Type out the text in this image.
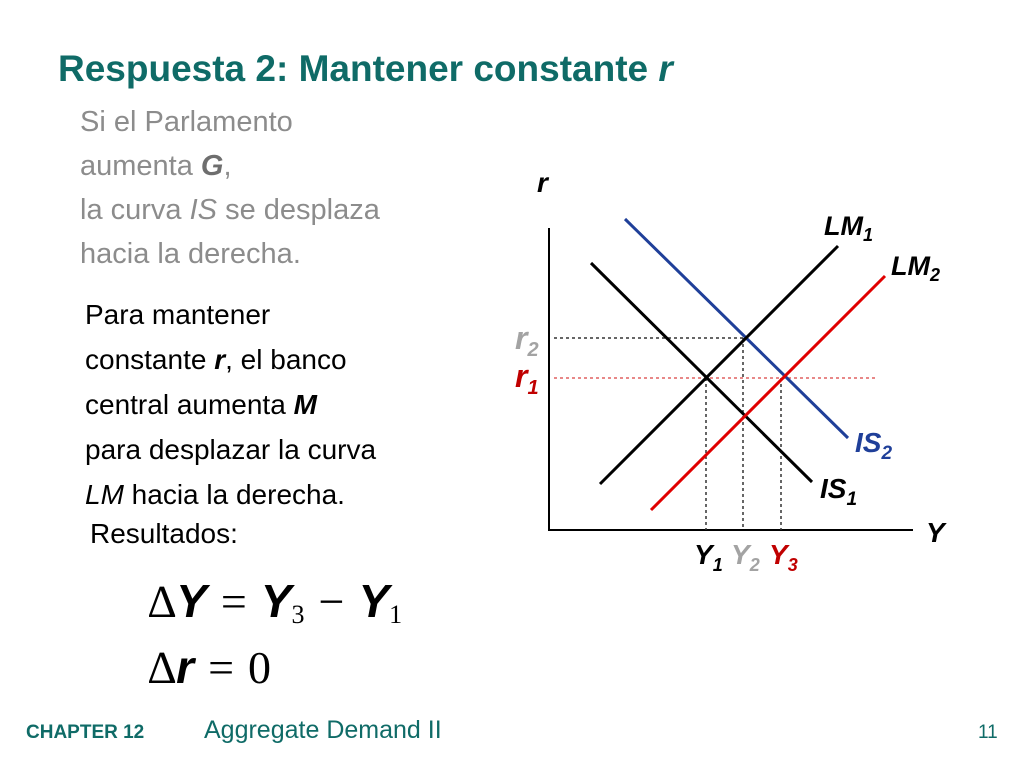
Respuesta 2: Mantener constante r
Si el Parlamento
aumenta G,
la curva IS se desplaza
hacia la derecha.
Para mantener
constante r, el banco
central aumenta M
para desplazar la curva
LM hacia la derecha.
Resultados:
$\Delta Y = Y_3 - Y_1$
∆r = 0
r
Y
$LM_1$
$LM_2$
$IS_2$
$IS_1$
$r_2$
$r_1$
$Y_1$ $Y_2$ $Y_3$
CHAPTER 12 Aggregate Demand II	11
